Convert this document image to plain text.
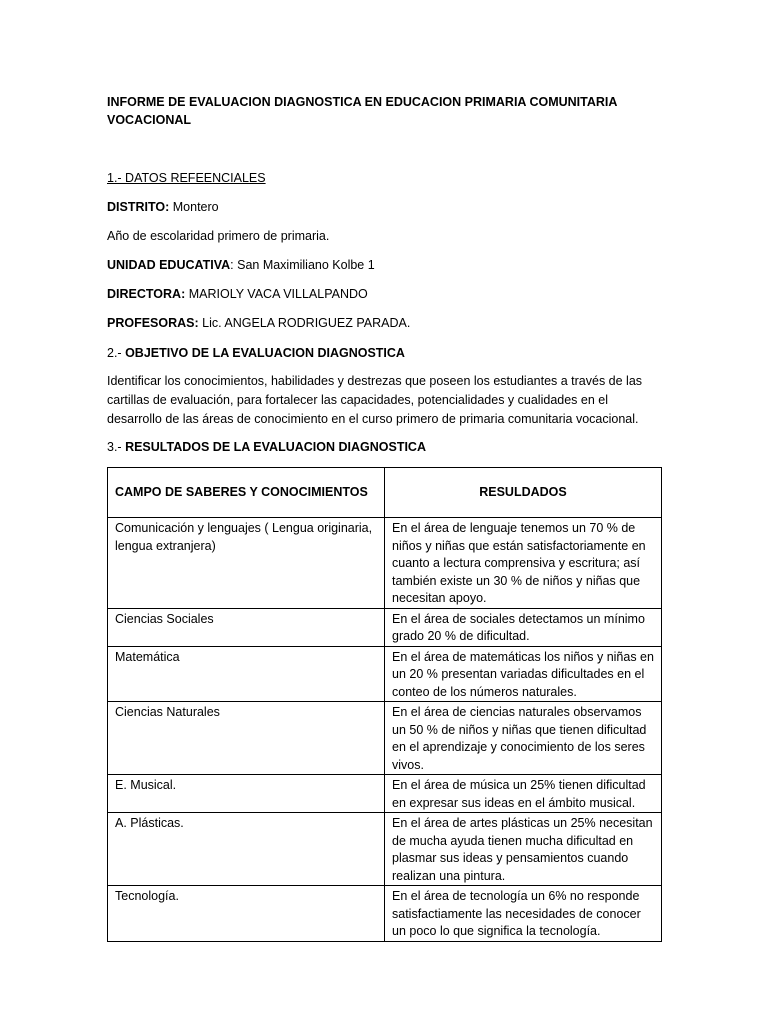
INFORME DE EVALUACION DIAGNOSTICA EN EDUCACION PRIMARIA COMUNITARIA VOCACIONAL
1.- DATOS REFEENCIALES
DISTRITO: Montero
Año de escolaridad primero de primaria.
UNIDAD EDUCATIVA: San Maximiliano Kolbe 1
DIRECTORA: MARIOLY VACA VILLALPANDO
PROFESORAS: Lic. ANGELA RODRIGUEZ PARADA.
2.- OBJETIVO DE LA EVALUACION DIAGNOSTICA
Identificar los conocimientos, habilidades y destrezas que poseen los estudiantes a través de las cartillas de evaluación, para fortalecer las capacidades, potencialidades y cualidades en el desarrollo de las áreas de conocimiento en el curso primero de primaria comunitaria vocacional.
3.- RESULTADOS DE LA EVALUACION DIAGNOSTICA
CAMPO DE SABERES Y CONOCIMIENTOS	RESULDADOS
Comunicación y lenguajes ( Lengua originaria, lengua extranjera)	En el área de lenguaje tenemos un 70 % de niños y niñas que están satisfactoriamente en cuanto a lectura comprensiva y escritura; así también existe un 30 % de niños y niñas que necesitan apoyo.
Ciencias Sociales	En el área de sociales detectamos un mínimo grado 20 % de dificultad.
Matemática	En el área de matemáticas los niños y niñas en un 20 % presentan variadas dificultades en el conteo de los números naturales.
Ciencias Naturales	En el área de ciencias naturales observamos un 50 % de niños y niñas que tienen dificultad en el aprendizaje y conocimiento de los seres vivos.
E. Musical.	En el área de música un 25% tienen dificultad en expresar sus ideas en el ámbito musical.
A. Plásticas.	En el área de artes plásticas un 25% necesitan de mucha ayuda tienen mucha dificultad en plasmar sus ideas y pensamientos cuando realizan una pintura.
Tecnología.	En el área de tecnología un 6% no responde satisfactiamente las necesidades de conocer un poco lo que significa la tecnología.
